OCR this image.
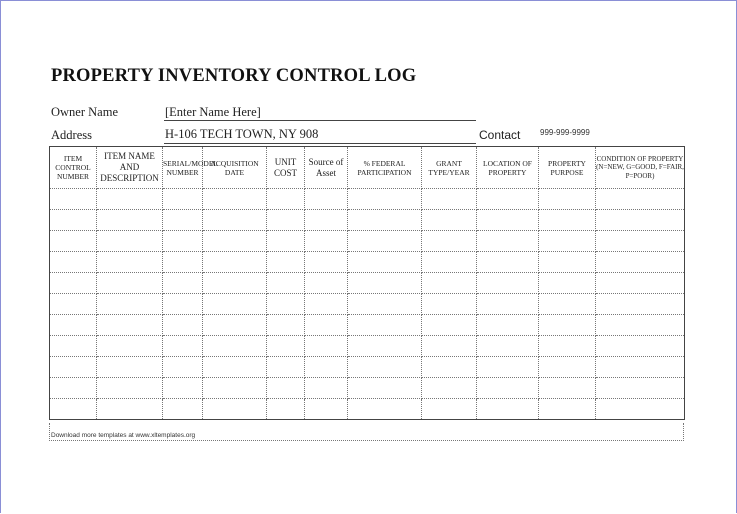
PROPERTY INVENTORY CONTROL LOG
Owner Name	[Enter Name Here]
Address	H-106 TECH TOWN, NY 908	Contact 999-999-9999
ITEM CONTROL NUMBER	ITEM NAME AND DESCRIPTION	SERIAL/MODEL NUMBER	ACQUISITION DATE	UNIT COST	Source of Asset	% FEDERAL PARTICIPATION	GRANT TYPE/YEAR	LOCATION OF PROPERTY	PROPERTY PURPOSE	CONDITION OF PROPERTY (N=NEW, G=GOOD, F=FAIR, P=POOR)

Download more templates at www.xltemplates.org
